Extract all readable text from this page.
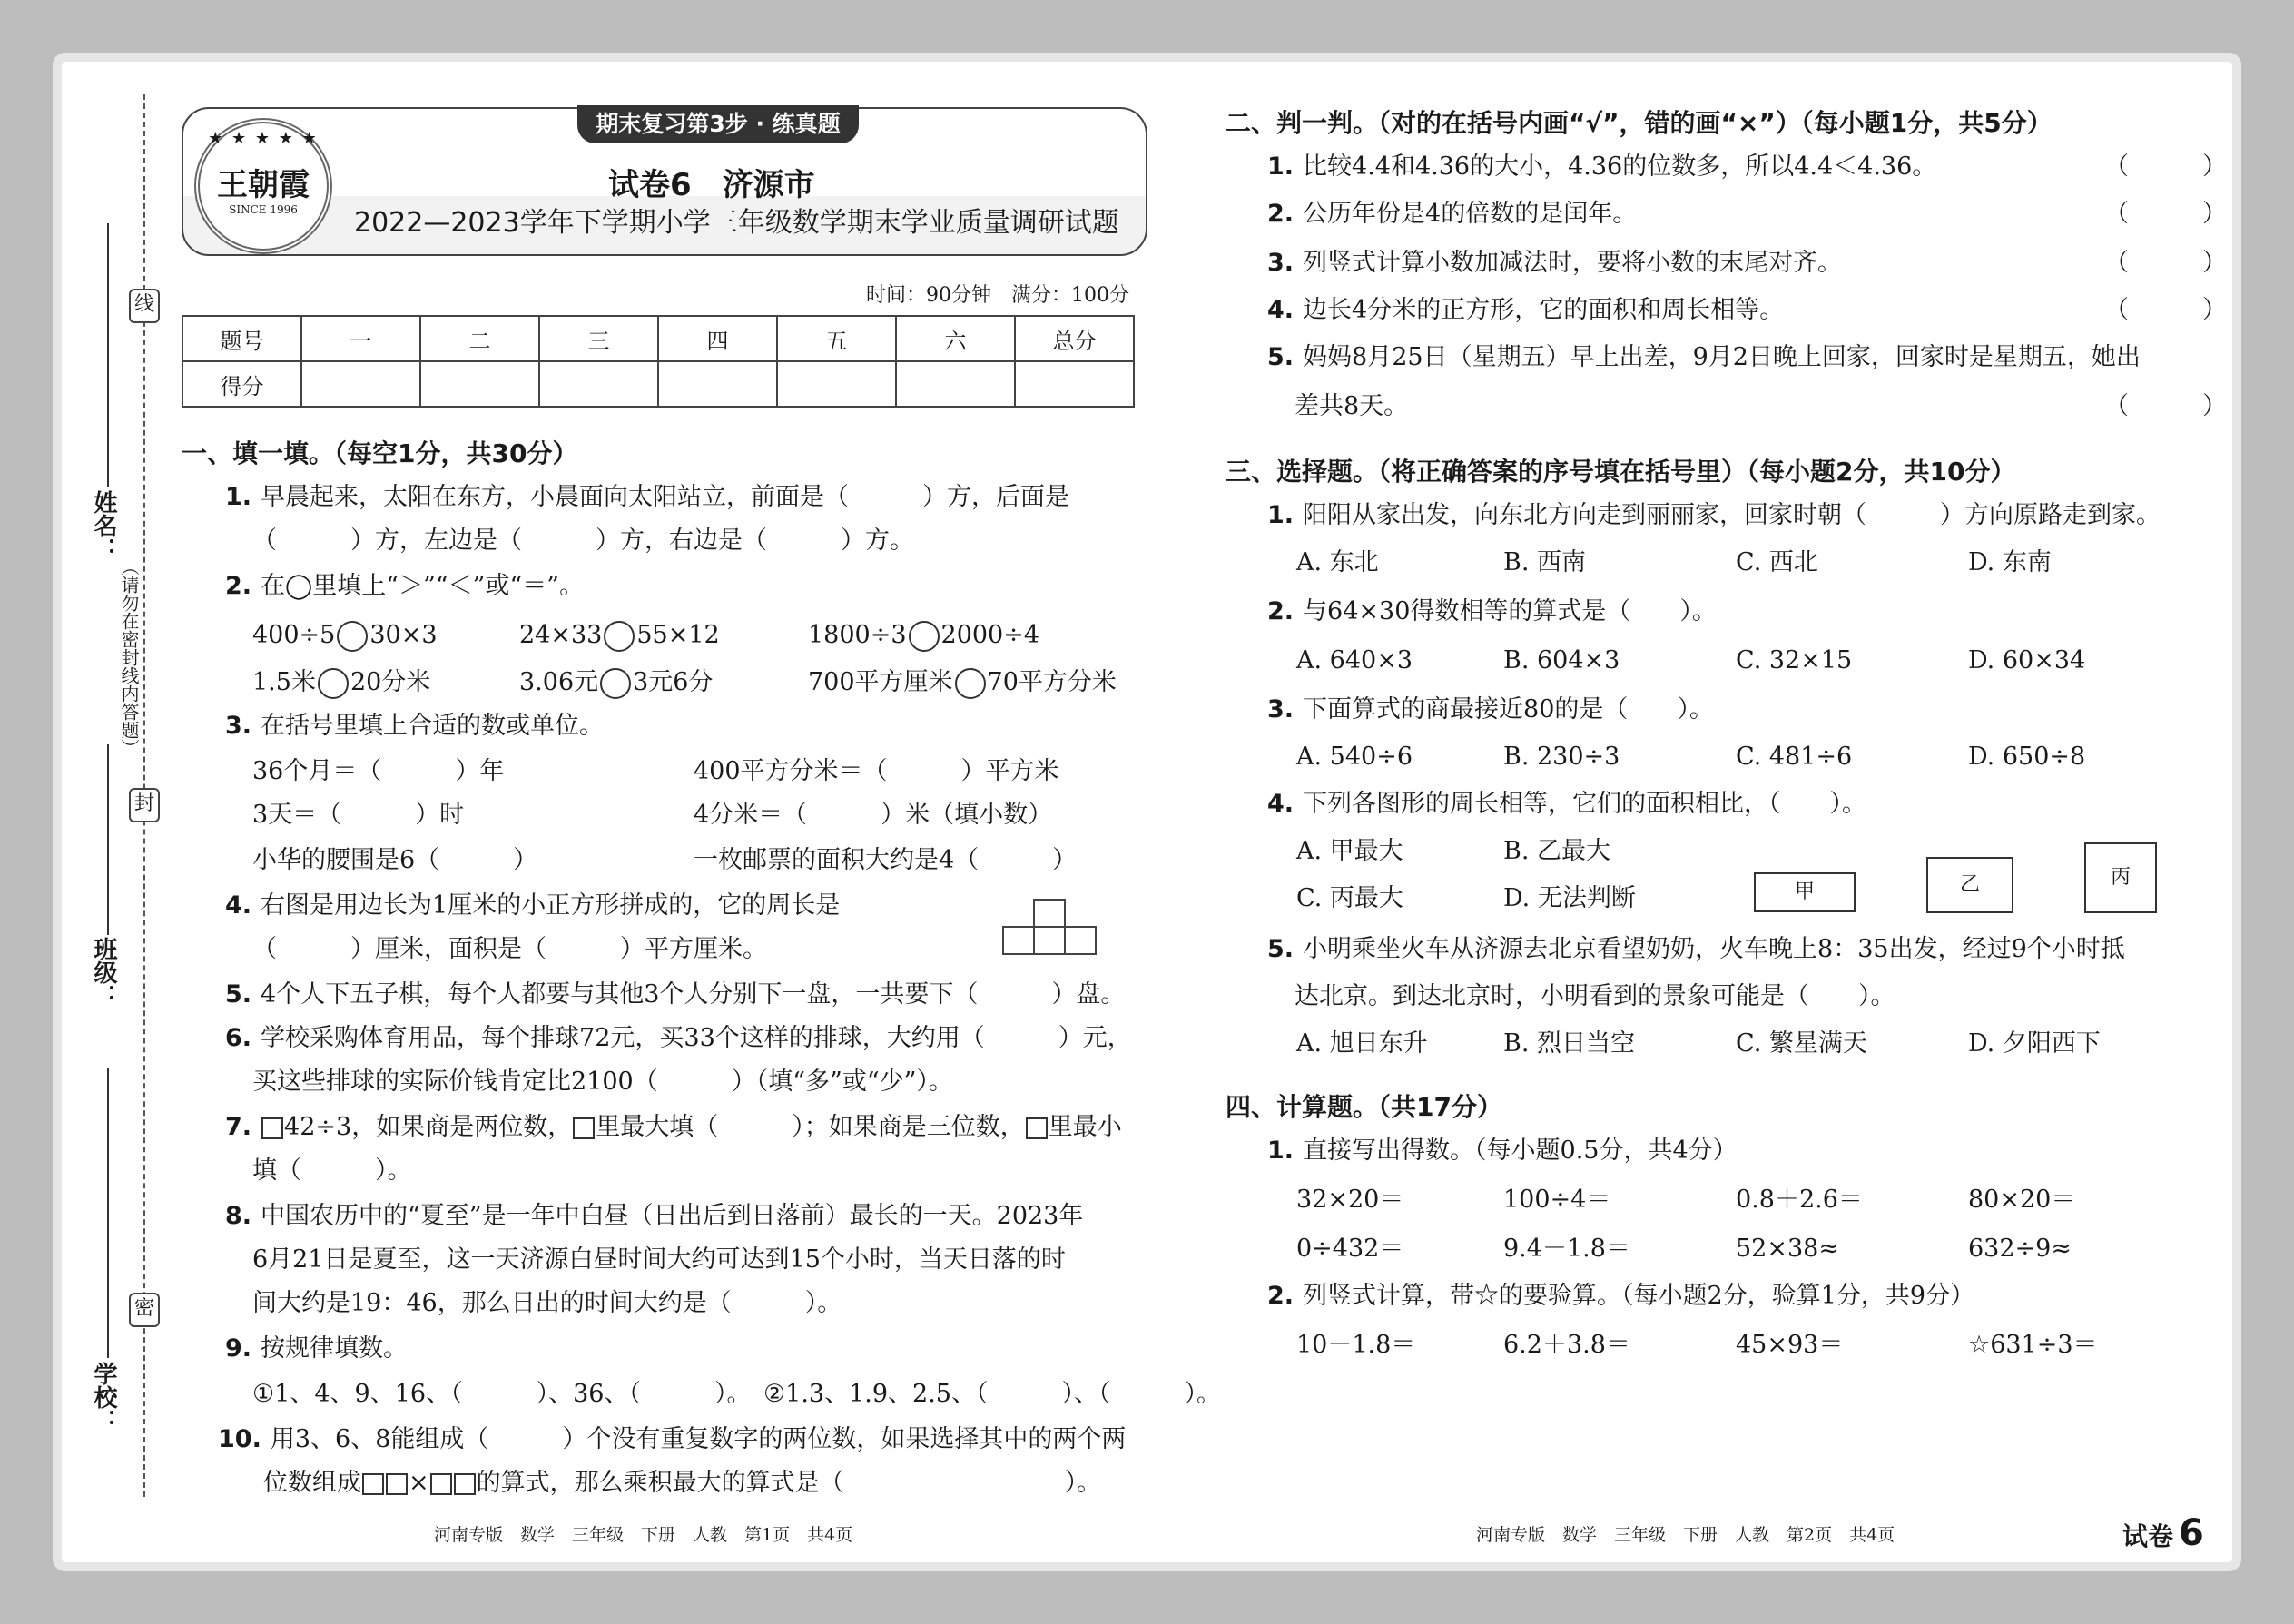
线
封
密
（请勿在密封线内答题）
姓名：
班级：
学校：
期末复习第3步 · 练真题
★ ★ ★ ★ ★
王朝霞
SINCE 1996
试卷6　济源市
2022—2023学年下学期小学三年级数学期末学业质量调研试题
时间：90分钟　满分：100分
题号	一	二	三	四	五	六	总分
得分							
一、填一填。（每空1分，共30分）
1. 早晨起来，太阳在东方，小晨面向太阳站立，前面是（　　　）方，后面是
（　　　）方，左边是（　　　）方，右边是（　　　）方。
2. 在◯里填上“＞”“＜”或“＝”。
400÷5 30×3	24×33 55×12	1800÷3 2000÷4
1.5米 20分米	3.06元 3元6分	700平方厘米 70平方分米
3. 在括号里填上合适的数或单位。
36个月＝（　　　）年	400平方分米＝（　　　）平方米
3天＝（　　　）时	4分米＝（　　　）米（填小数）
小华的腰围是6（　　　）	一枚邮票的面积大约是4（　　　）
4. 右图是用边长为1厘米的小正方形拼成的，它的周长是
（　　　）厘米，面积是（　　　）平方厘米。
5. 4个人下五子棋，每个人都要与其他3个人分别下一盘，一共要下（　　　）盘。
6. 学校采购体育用品，每个排球72元，买33个这样的排球，大约用（　　　）元，
买这些排球的实际价钱肯定比2100（　　　）（填“多”或“少”）。
7. 42÷3，如果商是两位数， 里最大填（　　　）；如果商是三位数， 里最小
填（　　　）。
8. 中国农历中的“夏至”是一年中白昼（日出后到日落前）最长的一天。2023年
6月21日是夏至，这一天济源白昼时间大约可达到15个小时，当天日落的时
间大约是19：46，那么日出的时间大约是（　　　）。
9. 按规律填数。
①1、4、9、16、（　　　）、36、（　　　）。　②1.3、1.9、2.5、（　　　）、（　　　）。
10. 用3、6、8能组成（　　　）个没有重复数字的两位数，如果选择其中的两个两
位数组成 × 的算式，那么乘积最大的算式是（　　　　　　　　　）。
河南专版　数学　三年级　下册　人教　第1页　共4页
二、判一判。（对的在括号内画“√”，错的画“×”）（每小题1分，共5分）
1. 比较4.4和4.36的大小，4.36的位数多，所以4.4＜4.36。	（　　　）
2. 公历年份是4的倍数的是闰年。	（　　　）
3. 列竖式计算小数加减法时，要将小数的末尾对齐。	（　　　）
4. 边长4分米的正方形，它的面积和周长相等。	（　　　）
5. 妈妈8月25日（星期五）早上出差，9月2日晚上回家，回家时是星期五，她出
差共8天。	（　　　）
三、选择题。（将正确答案的序号填在括号里）（每小题2分，共10分）
1. 阳阳从家出发，向东北方向走到丽丽家，回家时朝（　　　）方向原路走到家。
A. 东北	B. 西南	C. 西北	D. 东南
2. 与64×30得数相等的算式是（　　）。
A. 640×3	B. 604×3	C. 32×15	D. 60×34
3. 下面算式的商最接近80的是（　　）。
A. 540÷6	B. 230÷3	C. 481÷6	D. 650÷8
4. 下列各图形的周长相等，它们的面积相比，（　　）。
A. 甲最大	B. 乙最大
C. 丙最大	D. 无法判断	甲	乙	丙
5. 小明乘坐火车从济源去北京看望奶奶，火车晚上8：35出发，经过9个小时抵
达北京。到达北京时，小明看到的景象可能是（　　）。
A. 旭日东升	B. 烈日当空	C. 繁星满天	D. 夕阳西下
四、计算题。（共17分）
1. 直接写出得数。（每小题0.5分，共4分）
32×20＝	100÷4＝	0.8＋2.6＝	80×20＝
0÷432＝	9.4－1.8＝	52×38≈	632÷9≈
2. 列竖式计算，带☆的要验算。（每小题2分，验算1分，共9分）
10－1.8＝	6.2＋3.8＝	45×93＝	☆631÷3＝
河南专版　数学　三年级　下册　人教　第2页　共4页	试卷 6
